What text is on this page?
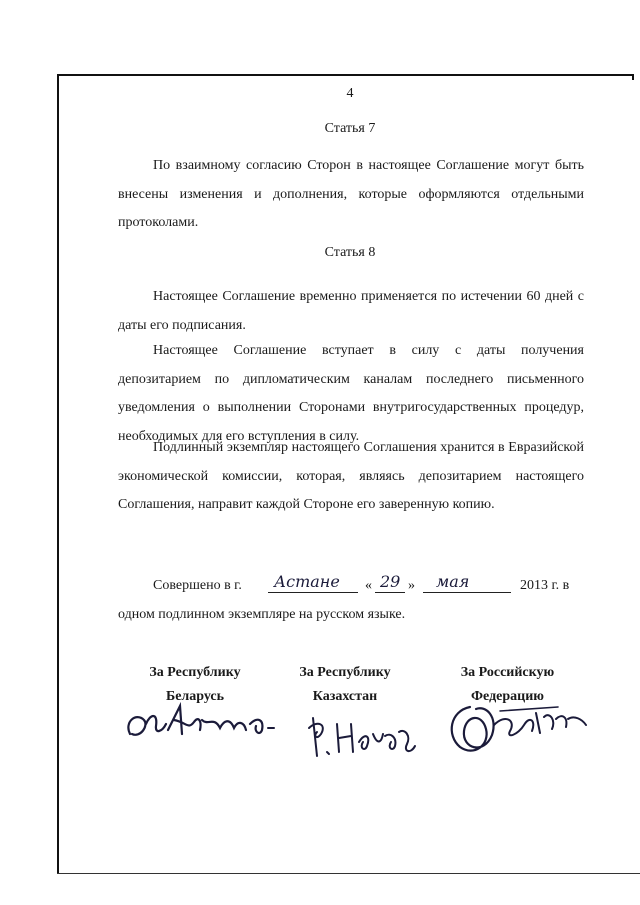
4
Статья 7

По взаимному согласию Сторон в настоящее Соглашение могут быть внесены изменения и дополнения, которые оформляются отдельными протоколами.

Статья 8

Настоящее Соглашение временно применяется по истечении 60 дней с даты его подписания.

Настоящее Соглашение вступает в силу с даты получения депозитарием по дипломатическим каналам последнего письменного уведомления о выполнении Сторонами внутригосударственных процедур, необходимых для его вступления в силу.

Подлинный экземпляр настоящего Соглашения хранится в Евразийской экономической комиссии, которая, являясь депозитарием настоящего Соглашения, направит каждой Стороне его заверенную копию.

Совершено в г. Астане « 29 » мая	2013 г. в
одном подлинном экземпляре на русском языке.
За Республику
Беларусь
За Республику
Казахстан
За Российскую
Федерацию
